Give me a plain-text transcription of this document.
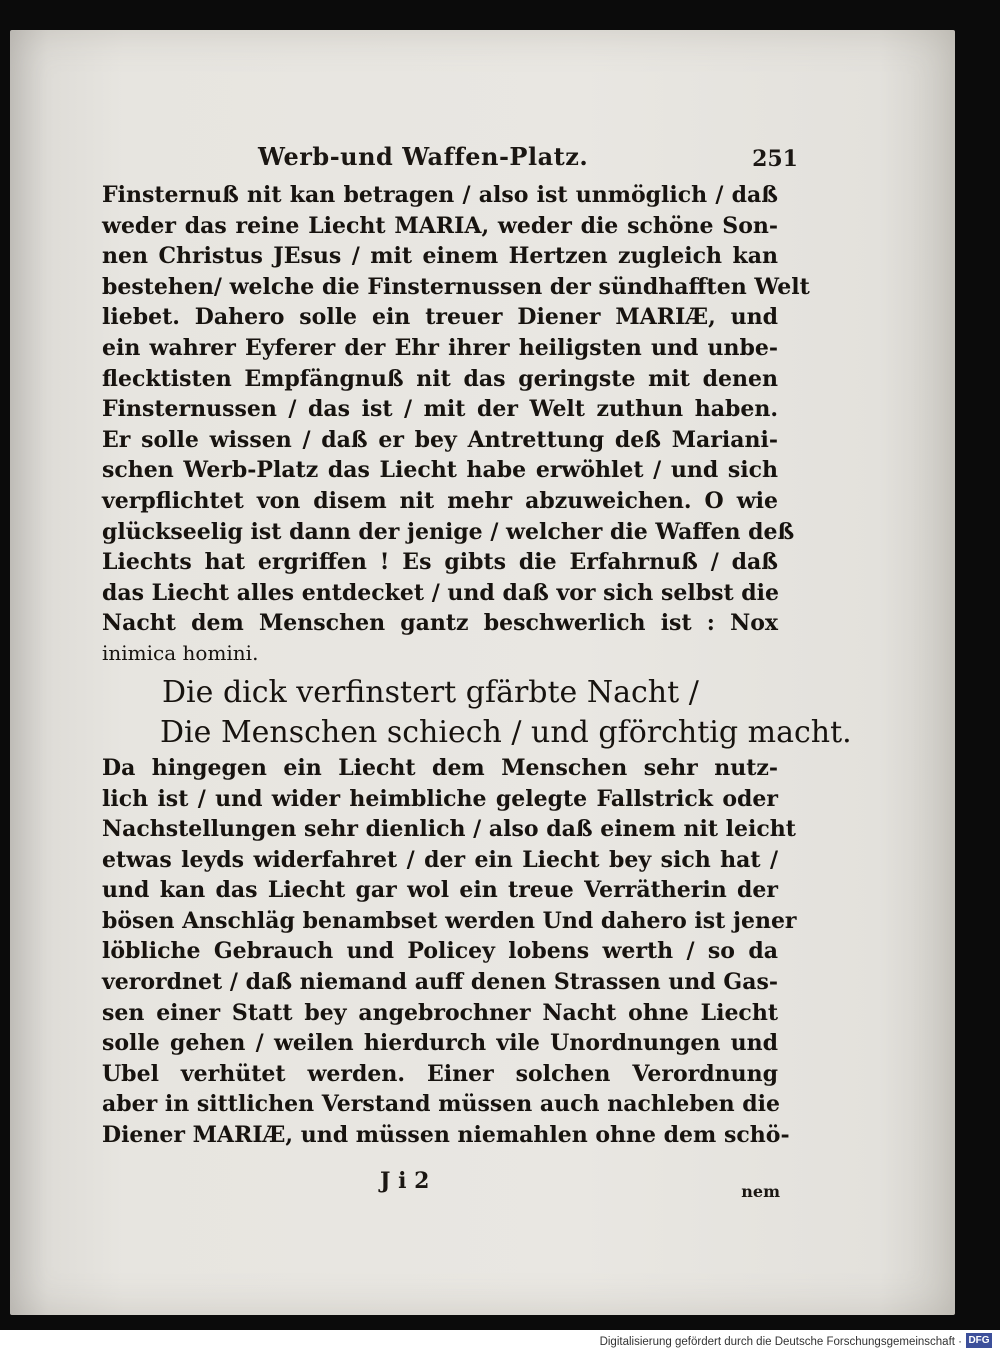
Werb-und Waffen-Platz.	251
Finsternuß nit kan betragen / also ist unmöglich / daß
weder das reine Liecht MARIA, weder die schöne Son-
nen Christus JEsus / mit einem Hertzen zugleich kan
bestehen/ welche die Finsternussen der sündhafften Welt
liebet. Dahero solle ein treuer Diener MARIÆ, und
ein wahrer Eyferer der Ehr ihrer heiligsten und unbe-
flecktisten Empfängnuß nit das geringste mit denen
Finsternussen / das ist / mit der Welt zuthun haben.
Er solle wissen / daß er bey Antrettung deß Mariani-
schen Werb-Platz das Liecht habe erwöhlet / und sich
verpflichtet von disem nit mehr abzuweichen. O wie
glückseelig ist dann der jenige / welcher die Waffen deß
Liechts hat ergriffen ! Es gibts die Erfahrnuß / daß
das Liecht alles entdecket / und daß vor sich selbst die
Nacht dem Menschen gantz beschwerlich ist : Nox
inimica homini.
Die dick verfinstert gfärbte Nacht /
Die Menschen schiech / und gförchtig macht.
Da hingegen ein Liecht dem Menschen sehr nutz-
lich ist / und wider heimbliche gelegte Fallstrick oder
Nachstellungen sehr dienlich / also daß einem nit leicht
etwas leyds widerfahret / der ein Liecht bey sich hat /
und kan das Liecht gar wol ein treue Verrätherin der
bösen Anschläg benambset werden Und dahero ist jener
löbliche Gebrauch und Policey lobens werth / so da
verordnet / daß niemand auff denen Strassen und Gas-
sen einer Statt bey angebrochner Nacht ohne Liecht
solle gehen / weilen hierdurch vile Unordnungen und
Ubel verhütet werden. Einer solchen Verordnung
aber in sittlichen Verstand müssen auch nachleben die
Diener MARIÆ, und müssen niemahlen ohne dem schö-
J i 2	nem
Digitalisierung gefördert durch die Deutsche Forschungsgemeinschaft · DFG
